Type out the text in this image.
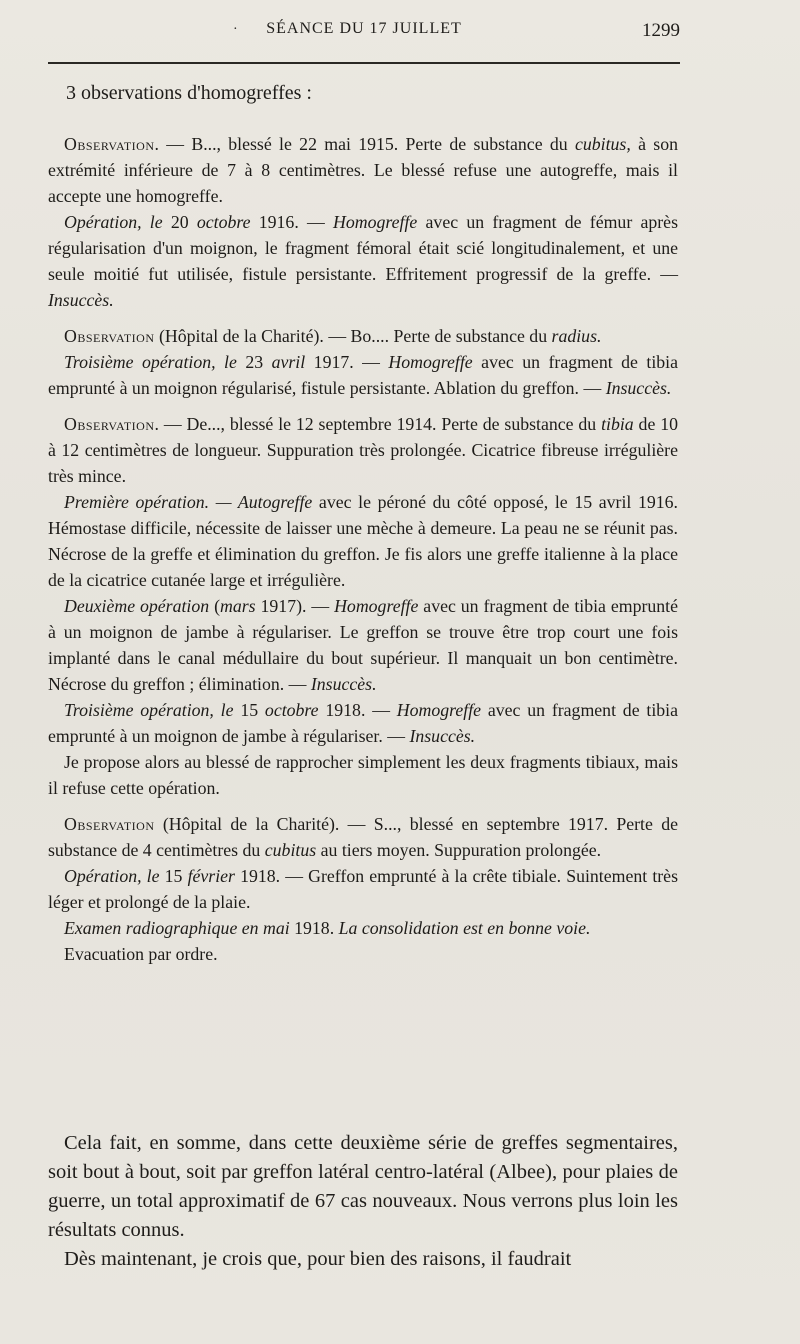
·	SÉANCE DU 17 JUILLET	1299
3 observations d'homogreffes :

Observation. — B..., blessé le 22 mai 1915. Perte de substance du cubitus, à son extrémité inférieure de 7 à 8 centimètres. Le blessé refuse une autogreffe, mais il accepte une homogreffe.

Opération, le 20 octobre 1916. — Homogreffe avec un fragment de fémur après régularisation d'un moignon, le fragment fémoral était scié longitudinalement, et une seule moitié fut utilisée, fistule persistante. Effritement progressif de la greffe. — Insuccès.

Observation (Hôpital de la Charité). — Bo.... Perte de substance du radius.

Troisième opération, le 23 avril 1917. — Homogreffe avec un fragment de tibia emprunté à un moignon régularisé, fistule persistante. Ablation du greffon. — Insuccès.

Observation. — De..., blessé le 12 septembre 1914. Perte de substance du tibia de 10 à 12 centimètres de longueur. Suppuration très prolongée. Cicatrice fibreuse irrégulière très mince.

Première opération. — Autogreffe avec le péroné du côté opposé, le 15 avril 1916. Hémostase difficile, nécessite de laisser une mèche à demeure. La peau ne se réunit pas. Nécrose de la greffe et élimination du greffon. Je fis alors une greffe italienne à la place de la cicatrice cutanée large et irrégulière.

Deuxième opération (mars 1917). — Homogreffe avec un fragment de tibia emprunté à un moignon de jambe à régulariser. Le greffon se trouve être trop court une fois implanté dans le canal médullaire du bout supérieur. Il manquait un bon centimètre. Nécrose du greffon ; élimination. — Insuccès.

Troisième opération, le 15 octobre 1918. — Homogreffe avec un fragment de tibia emprunté à un moignon de jambe à régulariser. — Insuccès.

Je propose alors au blessé de rapprocher simplement les deux fragments tibiaux, mais il refuse cette opération.

Observation (Hôpital de la Charité). — S..., blessé en septembre 1917. Perte de substance de 4 centimètres du cubitus au tiers moyen. Suppuration prolongée.

Opération, le 15 février 1918. — Greffon emprunté à la crête tibiale. Suintement très léger et prolongé de la plaie.

Examen radiographique en mai 1918. La consolidation est en bonne voie.

Evacuation par ordre.

Cela fait, en somme, dans cette deuxième série de greffes segmentaires, soit bout à bout, soit par greffon latéral centro-latéral (Albee), pour plaies de guerre, un total approximatif de 67 cas nouveaux. Nous verrons plus loin les résultats connus.

Dès maintenant, je crois que, pour bien des raisons, il faudrait
